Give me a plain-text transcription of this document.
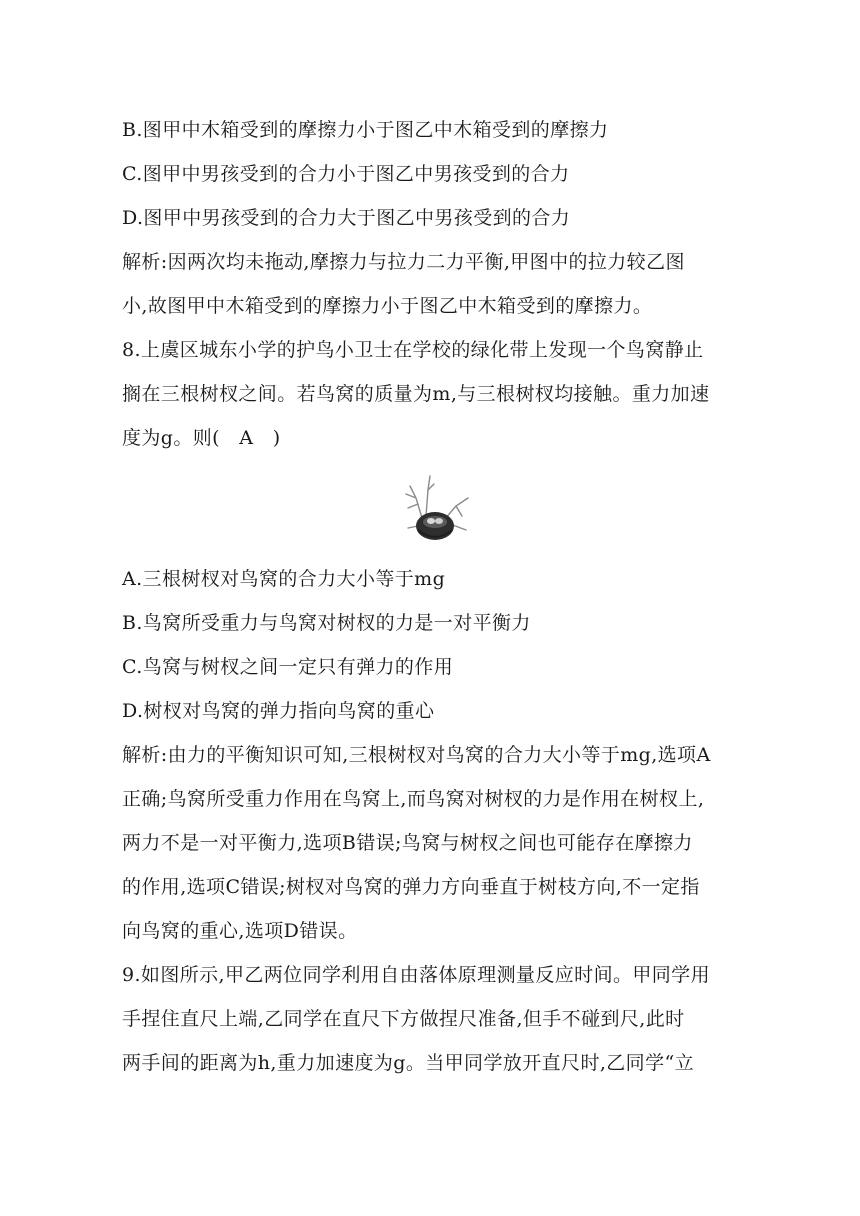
B.图甲中木箱受到的摩擦力小于图乙中木箱受到的摩擦力
C.图甲中男孩受到的合力小于图乙中男孩受到的合力
D.图甲中男孩受到的合力大于图乙中男孩受到的合力
解析:因两次均未拖动,摩擦力与拉力二力平衡,甲图中的拉力较乙图
小,故图甲中木箱受到的摩擦力小于图乙中木箱受到的摩擦力。
8.上虞区城东小学的护鸟小卫士在学校的绿化带上发现一个鸟窝静止
搁在三根树杈之间。若鸟窝的质量为m,与三根树杈均接触。重力加速
度为g。则(   A   )
A.三根树杈对鸟窝的合力大小等于mg
B.鸟窝所受重力与鸟窝对树杈的力是一对平衡力
C.鸟窝与树杈之间一定只有弹力的作用
D.树杈对鸟窝的弹力指向鸟窝的重心
解析:由力的平衡知识可知,三根树杈对鸟窝的合力大小等于mg,选项A
正确;鸟窝所受重力作用在鸟窝上,而鸟窝对树杈的力是作用在树杈上,
两力不是一对平衡力,选项B错误;鸟窝与树杈之间也可能存在摩擦力
的作用,选项C错误;树杈对鸟窝的弹力方向垂直于树枝方向,不一定指
向鸟窝的重心,选项D错误。
9.如图所示,甲乙两位同学利用自由落体原理测量反应时间。甲同学用
手捏住直尺上端,乙同学在直尺下方做捏尺准备,但手不碰到尺,此时
两手间的距离为h,重力加速度为g。当甲同学放开直尺时,乙同学“立
